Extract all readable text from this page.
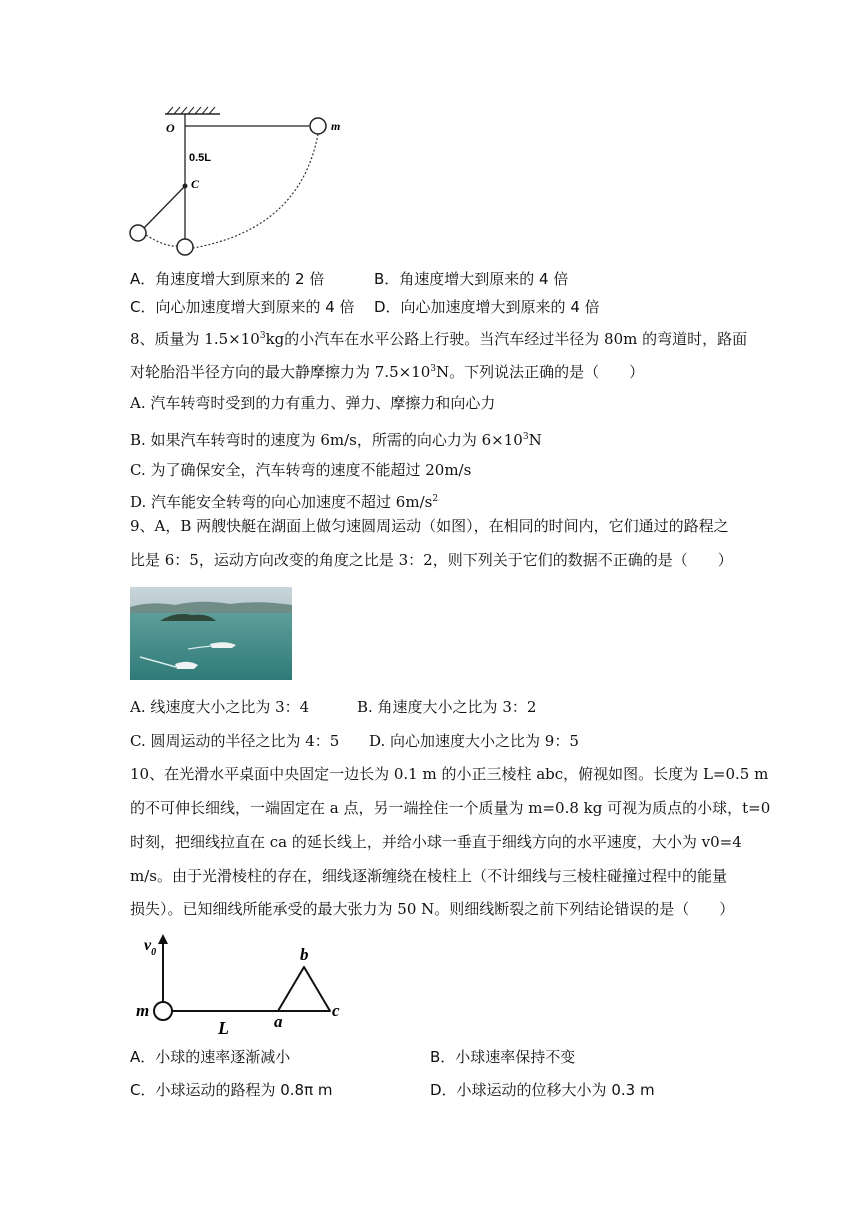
O	m
0.5L
C
A．角速度增大到原来的 2 倍	B．角速度增大到原来的 4 倍
C．向心加速度增大到原来的 4 倍 D．向心加速度增大到原来的 4 倍
8、质量为 $1.5\times 10^3kg$的小汽车在水平公路上行驶。当汽车经过半径为 80m 的弯道时，路面
对轮胎沿半径方向的最大静摩擦力为 $7.5\times 10^3N$。下列说法正确的是（　　）
A. 汽车转弯时受到的力有重力、弹力、摩擦力和向心力
B. 如果汽车转弯时的速度为 6m/s，所需的向心力为 $6\times 10^3N$
C. 为了确保安全，汽车转弯的速度不能超过 20m/s
D. 汽车能安全转弯的向心加速度不超过 $6m/s^2$
9、A，B 两艘快艇在湖面上做匀速圆周运动（如图），在相同的时间内，它们通过的路程之
比是 6：5，运动方向改变的角度之比是 3：2，则下列关于它们的数据不正确的是（　　）
A. 线速度大小之比为 3：4	B. 角速度大小之比为 3：2
C. 圆周运动的半径之比为 4：5 D. 向心加速度大小之比为 9：5
10、在光滑水平桌面中央固定一边长为 0.1 m 的小正三棱柱 abc，俯视如图。长度为 L=0.5 m
的不可伸长细线，一端固定在 a 点，另一端拴住一个质量为 m=0.8 kg 可视为质点的小球，t=0
时刻，把细线拉直在 ca 的延长线上，并给小球一垂直于细线方向的水平速度，大小为 v0=4
m/s。由于光滑棱柱的存在，细线逐渐缠绕在棱柱上（不计细线与三棱柱碰撞过程中的能量
损失）。已知细线所能承受的最大张力为 50 N。则细线断裂之前下列结论错误的是（　　）
$v_0$
m
L	a
b
c
A．小球的速率逐渐减小	B．小球速率保持不变
C．小球运动的路程为 0.8π m	D．小球运动的位移大小为 0.3 m
